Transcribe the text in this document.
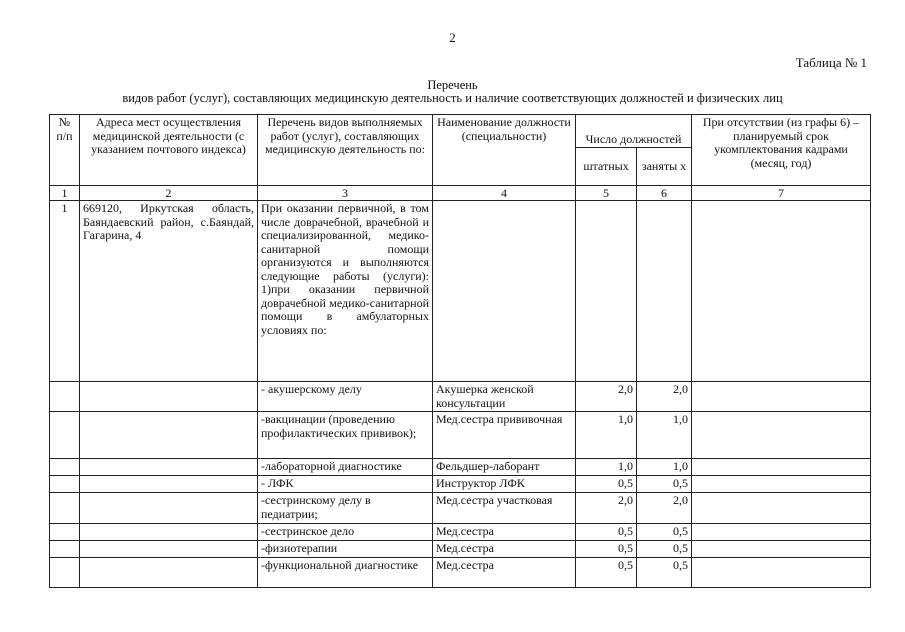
2
Таблица № 1
Перечень
видов работ (услуг), составляющих медицинскую деятельность и наличие соответствующих должностей и физических лиц
№ п/п	Адреса мест осуществления медицинской деятельности (с указанием почтового индекса)	Перечень видов выполняемых работ (услуг), составляющих медицинскую деятельность по:	Наименование должности (специальности)	Число должностей		При отсутствии (из графы 6) – планируемый срок укомплектования кадрами (месяц, год)
				штатных	заняты х	
1	2	3	4	5	6	7
1	669120, Иркутская область, Баяндаевский район, с.Баяндай, Гагарина, 4	При оказании первичной, в том числе доврачебной, врачебной и специализированной, медико-санитарной помощи организуются и выполняются следующие работы (услуги): 1)при оказании первичной доврачебной медико-санитарной помощи в амбулаторных условиях по:				
		- акушерскому делу	Акушерка женской консультации	2,0	2,0	
		-вакцинации (проведению профилактических прививок);	Мед.сестра прививочная	1,0	1,0	
		-лабораторной диагностике	Фельдшер-лаборант	1,0	1,0	
		- ЛФК	Инструктор ЛФК	0,5	0,5	
		-сестринскому делу в педиатрии;	Мед.сестра участковая	2,0	2,0	
		-сестринское дело	Мед.сестра	0,5	0,5	
		-физиотерапии	Мед.сестра	0,5	0,5	
		-функциональной диагностике	Мед.сестра	0,5	0,5	
